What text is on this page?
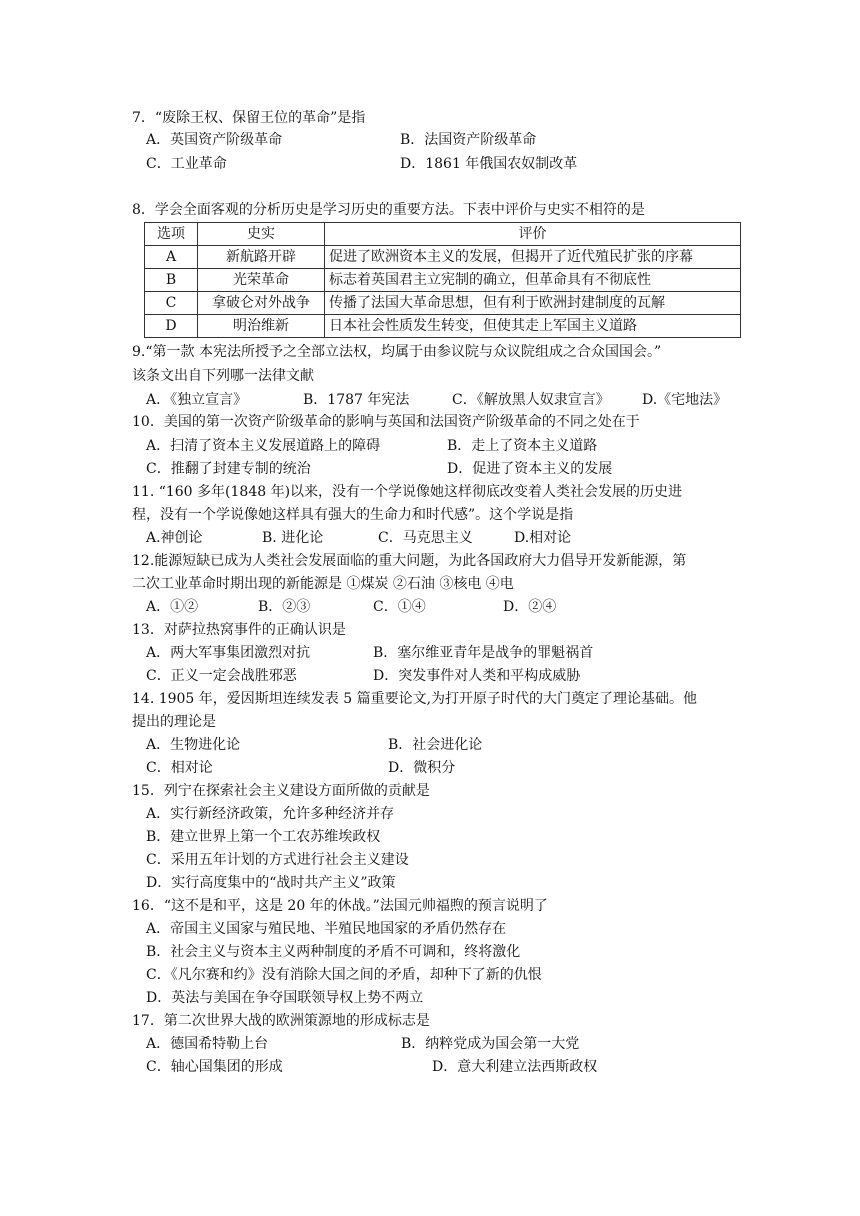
7．“废除王权、保留王位的革命”是指
A．英国资产阶级革命	B．法国资产阶级革命
C．工业革命	D．1861 年俄国农奴制改革
8．学会全面客观的分析历史是学习历史的重要方法。下表中评价与史实不相符的是
选项	史实	评价
A	新航路开辟	促进了欧洲资本主义的发展，但揭开了近代殖民扩张的序幕
B	光荣革命	标志着英国君主立宪制的确立，但革命具有不彻底性
C	拿破仑对外战争	传播了法国大革命思想，但有利于欧洲封建制度的瓦解
D	明治维新	日本社会性质发生转变，但使其走上军国主义道路
9.“第一款 本宪法所授予之全部立法权，均属于由参议院与众议院组成之合众国国会。”
该条文出自下列哪一法律文献
A．《独立宣言》	B．1787 年宪法	C．《解放黑人奴隶宣言》 D.《宅地法》
10．美国的第一次资产阶级革命的影响与英国和法国资产阶级革命的不同之处在于
A．扫清了资本主义发展道路上的障碍	B．走上了资本主义道路
C．推翻了封建专制的统治	D．促进了资本主义的发展
11. “160 多年(1848 年)以来，没有一个学说像她这样彻底改变着人类社会发展的历史进
程，没有一个学说像她这样具有强大的生命力和时代感”。这个学说是指
A.神创论	B. 进化论	C．马克思主义	D.相对论
12.能源短缺已成为人类社会发展面临的重大问题，为此各国政府大力倡导开发新能源，第
二次工业革命时期出现的新能源是 ①煤炭 ②石油 ③核电 ④电
A．①②	B．②③	C．①④	D．②④
13．对萨拉热窝事件的正确认识是
A．两大军事集团激烈对抗	B．塞尔维亚青年是战争的罪魁祸首
C．正义一定会战胜邪恶	D．突发事件对人类和平构成威胁
14. 1905 年，爱因斯坦连续发表 5 篇重要论文,为打开原子时代的大门奠定了理论基础。他
提出的理论是
A．生物进化论	B．社会进化论
C．相对论	D．微积分
15．列宁在探索社会主义建设方面所做的贡献是
A．实行新经济政策，允许多种经济并存
B．建立世界上第一个工农苏维埃政权
C．采用五年计划的方式进行社会主义建设
D．实行高度集中的“战时共产主义”政策
16．“这不是和平，这是 20 年的休战。”法国元帅福煦的预言说明了
A．帝国主义国家与殖民地、半殖民地国家的矛盾仍然存在
B．社会主义与资本主义两种制度的矛盾不可调和，终将激化
C．《凡尔赛和约》没有消除大国之间的矛盾，却种下了新的仇恨
D．英法与美国在争夺国联领导权上势不两立
17．第二次世界大战的欧洲策源地的形成标志是
A．德国希特勒上台	B．纳粹党成为国会第一大党
C．轴心国集团的形成	D．意大利建立法西斯政权
